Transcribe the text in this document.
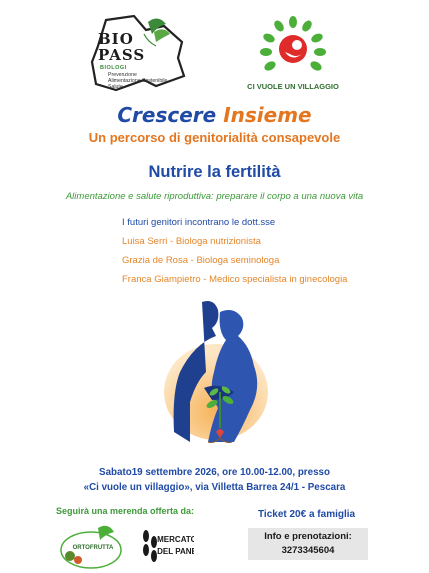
BIO
PASS
BIOLOGI
Prevenzione
Alimentazione Sostenibile
Salute	CI VUOLE UN VILLAGGIO
Crescere Insieme
Un percorso di genitorialità consapevole
Nutrire la fertilità
Alimentazione e salute riproduttiva: preparare il corpo a una nuova vita
I futuri genitori incontrano le dott.sse
Luisa Serri - Biologa nutrizionista
Grazia de Rosa - Biologa seminologa
Franca Giampietro - Medico specialista in ginecologia
Sabato19 settembre 2026, ore 10.00-12.00, presso
«Ci vuole un villaggio», via Villetta Barrea 24/1 - Pescara
Seguirà una merenda offerta da:
ORTOFRUTTA
MERCATO
DEL PANE
Ticket 20€ a famiglia
Info e prenotazioni:
3273345604
